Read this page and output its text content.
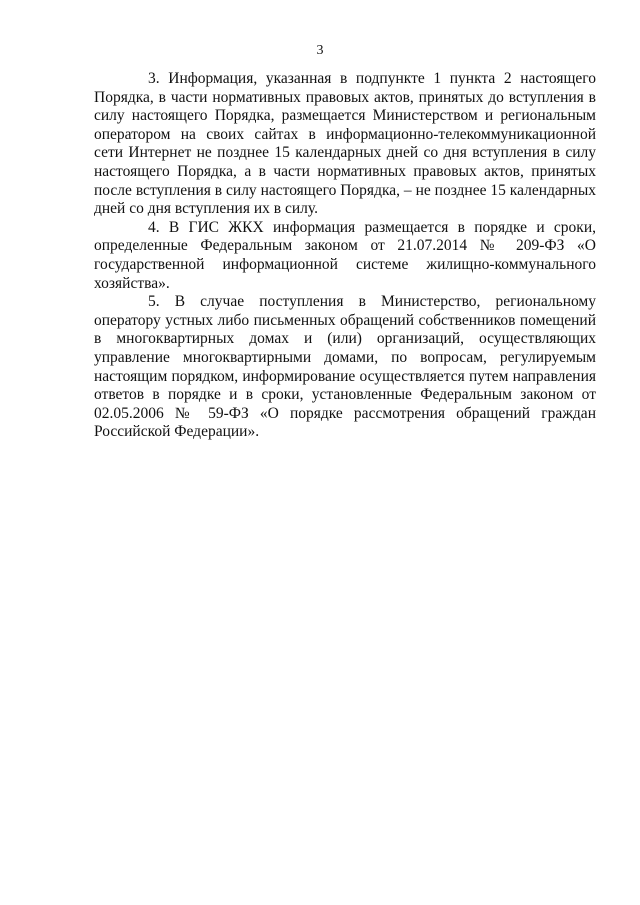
3

3. Информация, указанная в подпункте 1 пункта 2 настоящего Порядка, в части нормативных правовых актов, принятых до вступления в силу настоящего Порядка, размещается Министерством и региональным оператором на своих сайтах в информационно-телекоммуникационной сети Интернет не позднее 15 календарных дней со дня вступления в силу настоящего Порядка, а в части нормативных правовых актов, принятых после вступления в силу настоящего Порядка, – не позднее 15 календарных дней со дня вступления их в силу.

4. В ГИС ЖКХ информация размещается в порядке и сроки, определенные Федеральным законом от 21.07.2014 № 209-ФЗ «О государственной информационной системе жилищно-коммунального хозяйства».

5. В случае поступления в Министерство, региональному оператору устных либо письменных обращений собственников помещений в многоквартирных домах и (или) организаций, осуществляющих управление многоквартирными домами, по вопросам, регулируемым настоящим порядком, информирование осуществляется путем направления ответов в порядке и в сроки, установленные Федеральным законом от 02.05.2006 № 59-ФЗ «О порядке рассмотрения обращений граждан Российской Федерации».
